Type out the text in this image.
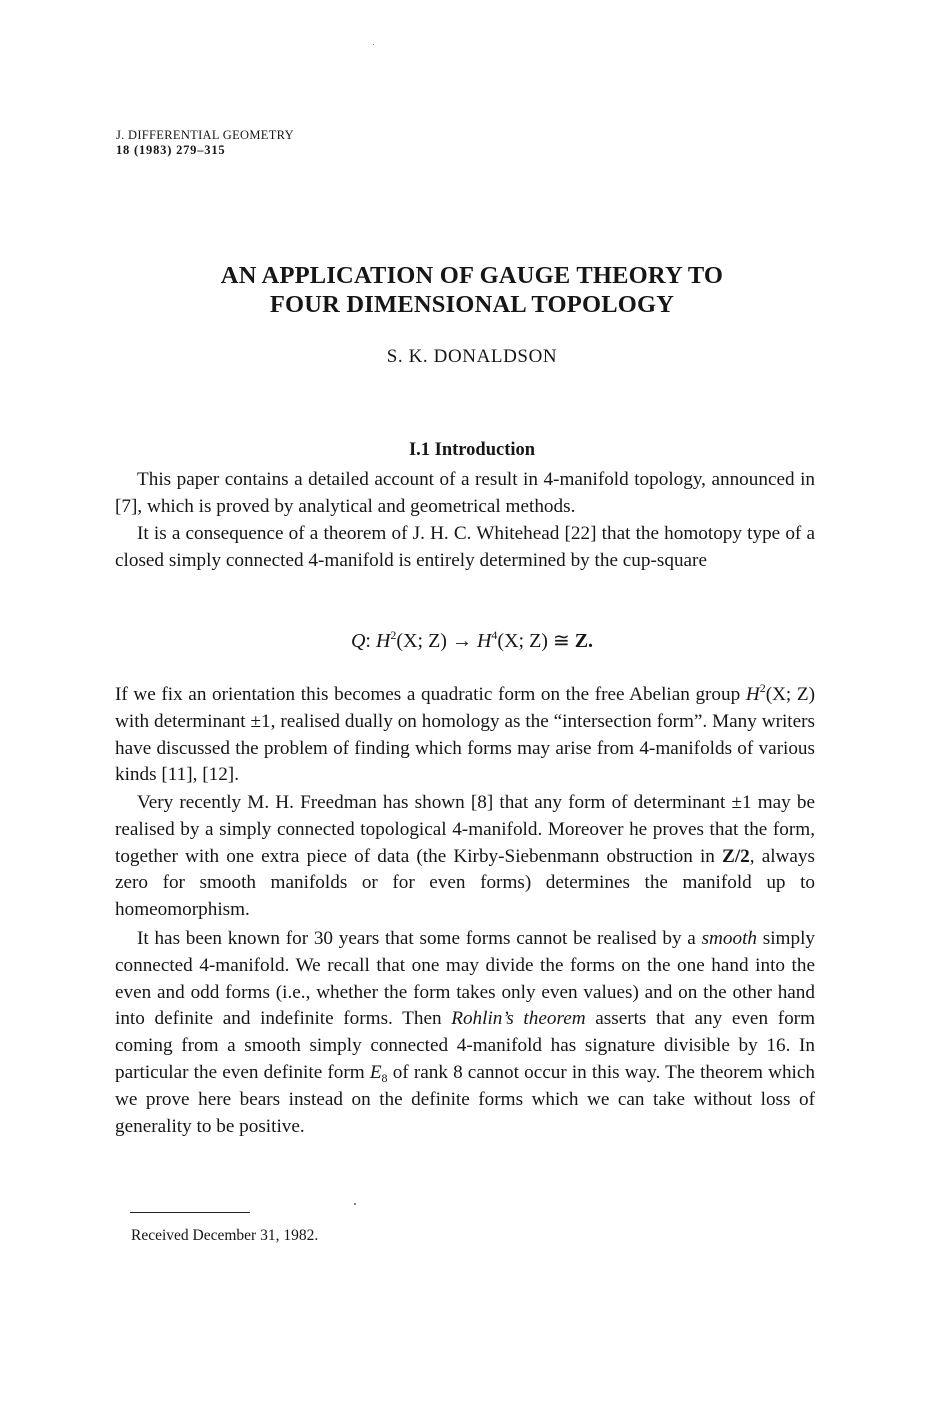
J. DIFFERENTIAL GEOMETRY
18 (1983) 279–315
AN APPLICATION OF GAUGE THEORY TO
FOUR DIMENSIONAL TOPOLOGY
S. K. DONALDSON
I.1 Introduction

This paper contains a detailed account of a result in 4-manifold topology, announced in [7], which is proved by analytical and geometrical methods.

It is a consequence of a theorem of J. H. C. Whitehead [22] that the homotopy type of a closed simply connected 4-manifold is entirely determined by the cup-square

Q: $H^2(X$; $Z) \to H^4(X$; Z) ≅ Z.

If we fix an orientation this becomes a quadratic form on the free Abelian group $H^2(X$; Z) with determinant ±1, realised dually on homology as the “intersection form”. Many writers have discussed the problem of finding which forms may arise from 4-manifolds of various kinds [11], [12].

Very recently M. H. Freedman has shown [8] that any form of determinant ±1 may be realised by a simply connected topological 4-manifold. Moreover he proves that the form, together with one extra piece of data (the Kirby-Siebenmann obstruction in Z/2, always zero for smooth manifolds or for even forms) determines the manifold up to homeomorphism.

It has been known for 30 years that some forms cannot be realised by a smooth simply connected 4-manifold. We recall that one may divide the forms on the one hand into the even and odd forms (i.e., whether the form takes only even values) and on the other hand into definite and indefinite forms. Then Rohlin’s theorem asserts that any even form coming from a smooth simply connected 4-manifold has signature divisible by 16. In particular the even definite form $E_8$ of rank 8 cannot occur in this way. The theorem which we prove here bears instead on the definite forms which we can take without loss of generality to be positive.

Received December 31, 1982.
